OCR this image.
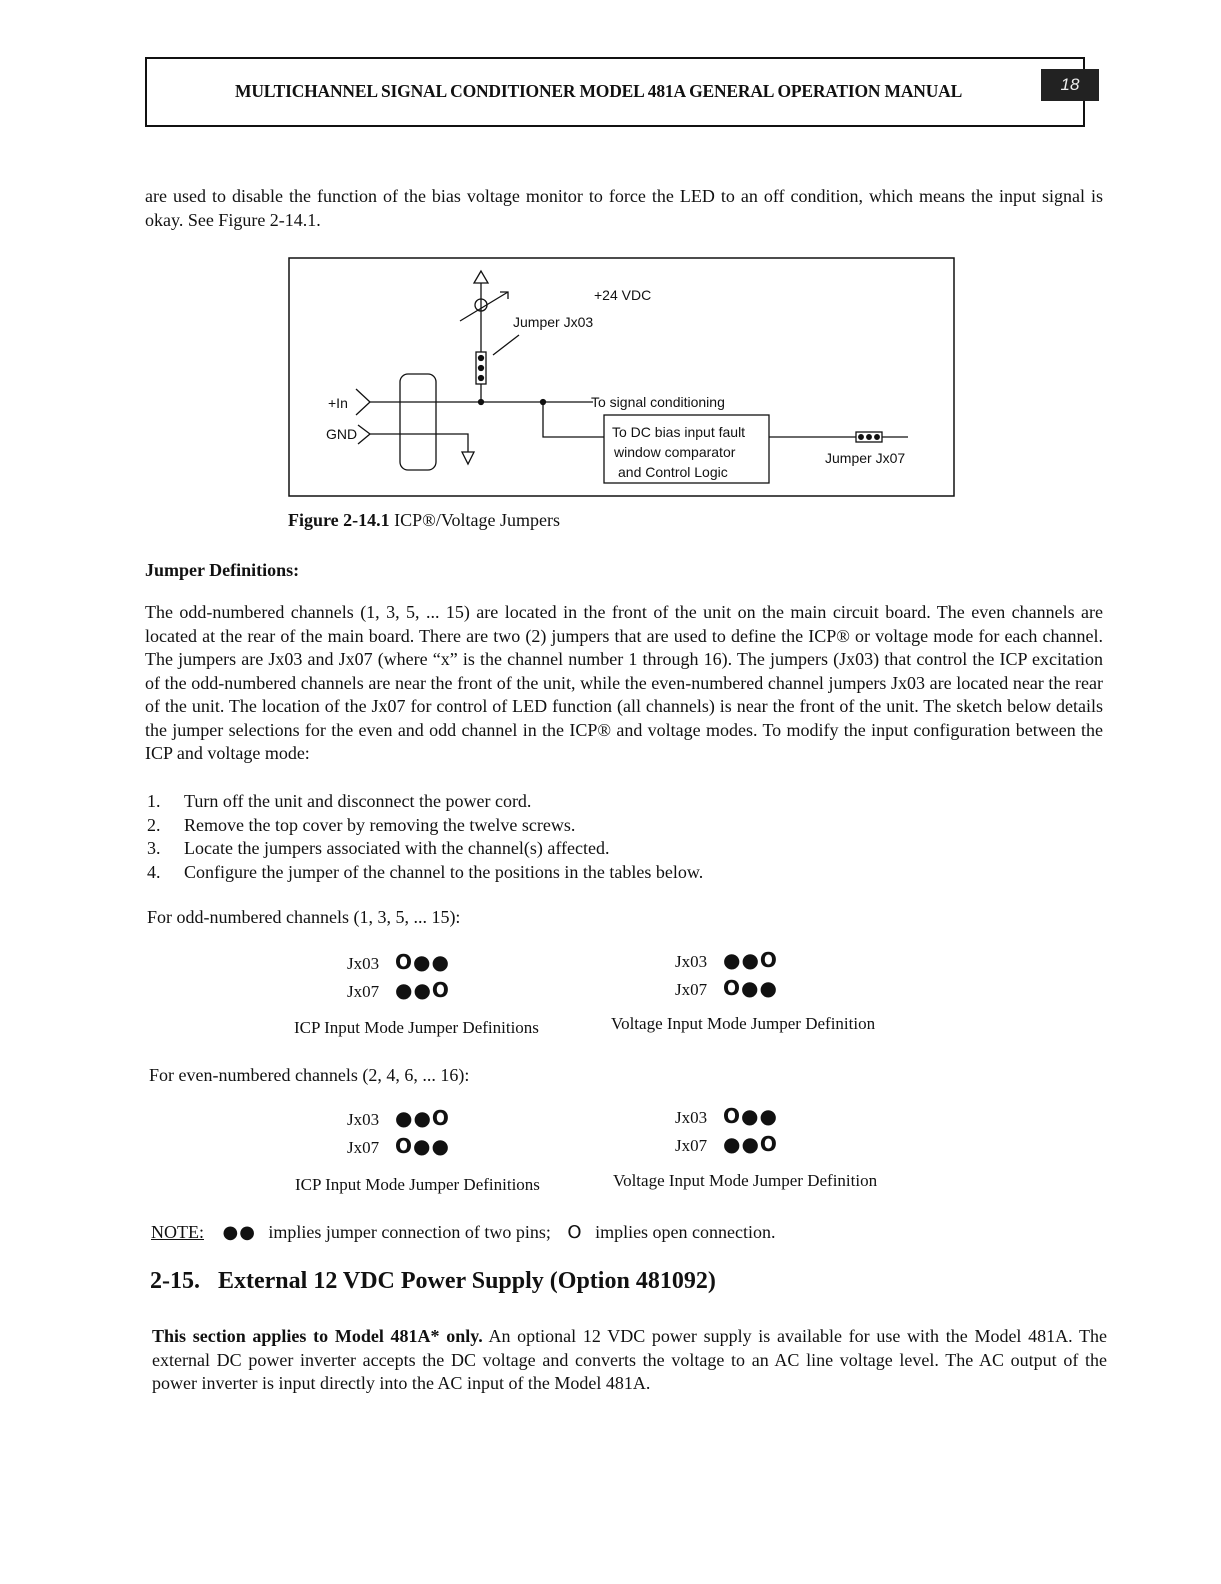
MULTICHANNEL SIGNAL CONDITIONER MODEL 481A GENERAL OPERATION MANUAL	18

are used to disable the function of the bias voltage monitor to force the LED to an off condition, which means the input signal is okay. See Figure 2-14.1.

+24 VDC
Jumper Jx03
+In
GND
To signal conditioning
To DC bias input fault
window comparator
and Control Logic
Jumper Jx07
Figure 2-14.1 ICP®/Voltage Jumpers
Jumper Definitions:

The odd-numbered channels (1, 3, 5, ... 15) are located in the front of the unit on the main circuit board. The even channels are located at the rear of the main board. There are two (2) jumpers that are used to define the ICP® or voltage mode for each channel. The jumpers are Jx03 and Jx07 (where “x” is the channel number 1 through 16). The jumpers (Jx03) that control the ICP excitation of the odd-numbered channels are near the front of the unit, while the even-numbered channel jumpers Jx03 are located near the rear of the unit. The location of the Jx07 for control of LED function (all channels) is near the front of the unit. The sketch below details the jumper selections for the even and odd channel in the ICP® and voltage modes. To modify the input configuration between the ICP and voltage mode:

1. Turn off the unit and disconnect the power cord.
2. Remove the top cover by removing the twelve screws.
3. Locate the jumpers associated with the channel(s) affected.
4. Configure the jumper of the channel to the positions in the tables below.
For odd-numbered channels (1, 3, 5, ... 15):
Jx03 O●●
Jx07 ●●O
Jx03 ●●O
Jx07 O●●
ICP Input Mode Jumper Definitions	Voltage Input Mode Jumper Definition
For even-numbered channels (2, 4, 6, ... 16):
Jx03 ●●O
Jx07 O●●
Jx03 O●●
Jx07 ●●O
ICP Input Mode Jumper Definitions	Voltage Input Mode Jumper Definition
NOTE: ●● implies jumper connection of two pins; O implies open connection.
2-15.   External 12 VDC Power Supply (Option 481092)

This section applies to Model 481A* only. An optional 12 VDC power supply is available for use with the Model 481A. The external DC power inverter accepts the DC voltage and converts the voltage to an AC line voltage level. The AC output of the power inverter is input directly into the AC input of the Model 481A.
